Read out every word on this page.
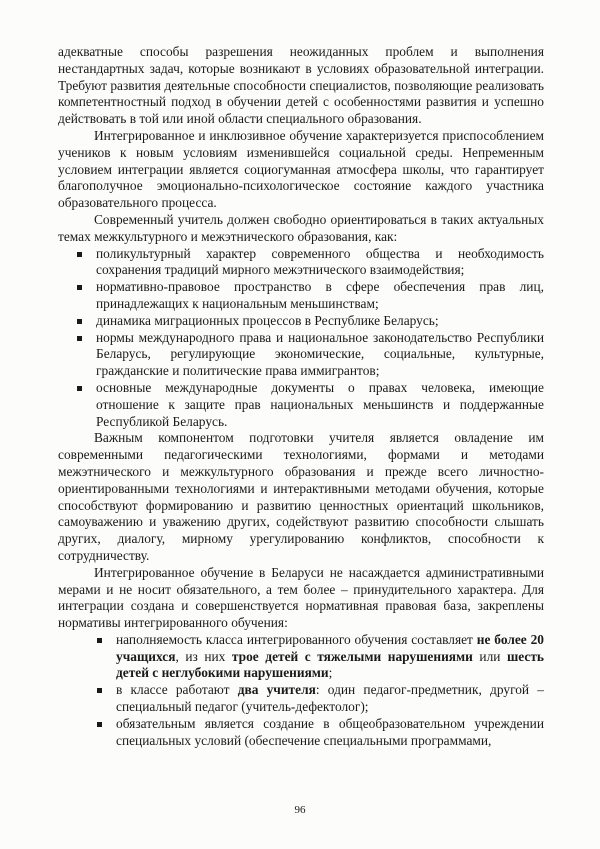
адекватные способы разрешения неожиданных проблем и выполнения нестандартных задач, которые возникают в условиях образовательной интеграции. Требуют развития деятельные способности специалистов, позволяющие реализовать компетентностный подход в обучении детей с особенностями развития и успешно действовать в той или иной области специального образования.

Интегрированное и инклюзивное обучение характеризуется приспособлением учеников к новым условиям изменившейся социальной среды. Непременным условием интеграции является социогуманная атмосфера школы, что гарантирует благополучное эмоционально-психологическое состояние каждого участника образовательного процесса.

Современный учитель должен свободно ориентироваться в таких актуальных темах межкультурного и межэтнического образования, как:

поликультурный характер современного общества и необходимость сохранения традиций мирного межэтнического взаимодействия;
нормативно-правовое пространство в сфере обеспечения прав лиц, принадлежащих к национальным меньшинствам;
динамика миграционных процессов в Республике Беларусь;
нормы международного права и национальное законодательство Республики Беларусь, регулирующие экономические, социальные, культурные, гражданские и политические права иммигрантов;
основные международные документы о правах человека, имеющие отношение к защите прав национальных меньшинств и поддержанные Республикой Беларусь.

Важным компонентом подготовки учителя является овладение им современными педагогическими технологиями, формами и методами межэтнического и межкультурного образования и прежде всего личностно-ориентированными технологиями и интерактивными методами обучения, которые способствуют формированию и развитию ценностных ориентаций школьников, самоуважению и уважению других, содействуют развитию способности слышать других, диалогу, мирному урегулированию конфликтов, способности к сотрудничеству.

Интегрированное обучение в Беларуси не насаждается административными мерами и не носит обязательного, а тем более – принудительного характера. Для интеграции создана и совершенствуется нормативная правовая база, закреплены нормативы интегрированного обучения:

наполняемость класса интегрированного обучения составляет не более 20 учащихся, из них трое детей с тяжелыми нарушениями или шесть детей с неглубокими нарушениями;
в классе работают два учителя: один педагог-предметник, другой – специальный педагог (учитель-дефектолог);
обязательным является создание в общеобразовательном учреждении специальных условий (обеспечение специальными программами,
96
